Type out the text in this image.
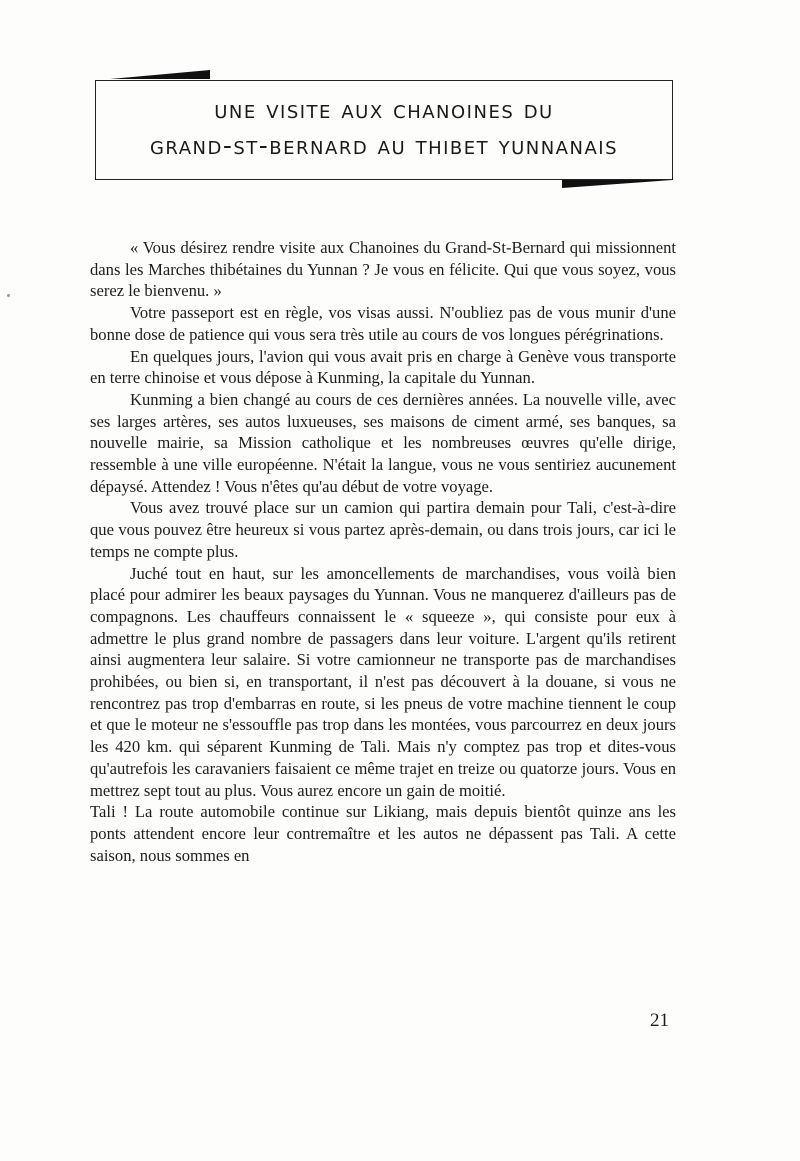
une visite aux chanoines du
grand-st-bernard au thibet yunnanais

« Vous désirez rendre visite aux Chanoines du Grand-St-Bernard qui missionnent dans les Marches thibétaines du Yunnan ? Je vous en félicite. Qui que vous soyez, vous serez le bienvenu. »

Votre passeport est en règle, vos visas aussi. N'oubliez pas de vous munir d'une bonne dose de patience qui vous sera très utile au cours de vos longues pérégrinations.

En quelques jours, l'avion qui vous avait pris en charge à Genève vous transporte en terre chinoise et vous dépose à Kunming, la capitale du Yunnan.

Kunming a bien changé au cours de ces dernières années. La nouvelle ville, avec ses larges artères, ses autos luxueuses, ses maisons de ciment armé, ses banques, sa nouvelle mairie, sa Mission catholique et les nombreuses œuvres qu'elle dirige, ressemble à une ville européenne. N'était la langue, vous ne vous sentiriez aucunement dépaysé. Attendez ! Vous n'êtes qu'au début de votre voyage.

Vous avez trouvé place sur un camion qui partira demain pour Tali, c'est-à-dire que vous pouvez être heureux si vous partez après-demain, ou dans trois jours, car ici le temps ne compte plus.

Juché tout en haut, sur les amoncellements de marchandises, vous voilà bien placé pour admirer les beaux paysages du Yunnan. Vous ne manquerez d'ailleurs pas de compagnons. Les chauffeurs connaissent le « squeeze », qui consiste pour eux à admettre le plus grand nombre de passagers dans leur voiture. L'argent qu'ils retirent ainsi augmentera leur salaire. Si votre camionneur ne transporte pas de marchandises prohibées, ou bien si, en transportant, il n'est pas découvert à la douane, si vous ne rencontrez pas trop d'embarras en route, si les pneus de votre machine tiennent le coup et que le moteur ne s'essouffle pas trop dans les montées, vous parcourrez en deux jours les 420 km. qui séparent Kunming de Tali. Mais n'y comptez pas trop et dites-vous qu'autrefois les caravaniers faisaient ce même trajet en treize ou quatorze jours. Vous en mettrez sept tout au plus. Vous aurez encore un gain de moitié.

Tali ! La route automobile continue sur Likiang, mais depuis bientôt quinze ans les ponts attendent encore leur contremaître et les autos ne dépassent pas Tali. A cette saison, nous sommes en

21
